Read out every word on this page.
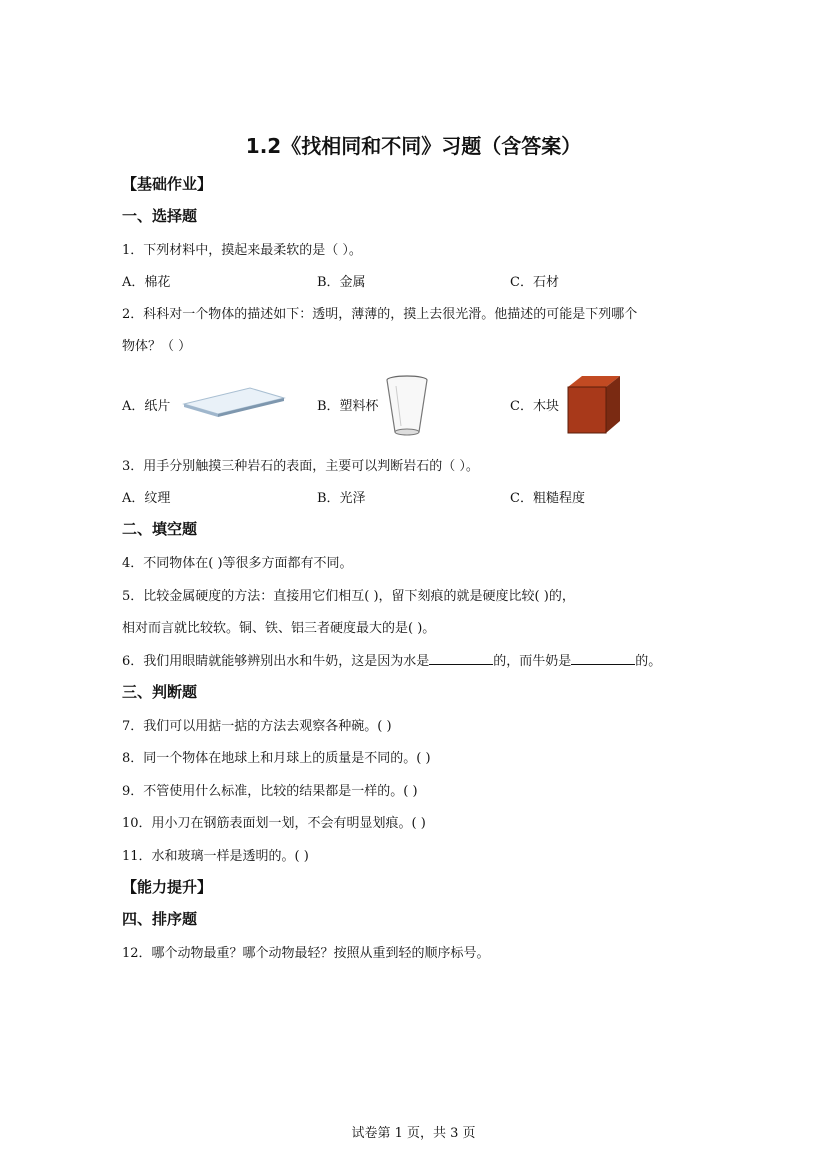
1.2《找相同和不同》习题（含答案）
【基础作业】
一、选择题
1．下列材料中，摸起来最柔软的是（ ）。
A．棉花	B．金属	C．石材
2．科科对一个物体的描述如下：透明，薄薄的，摸上去很光滑。他描述的可能是下列哪个
物体？（ ）
A．纸片	B．塑料杯	C．木块
3．用手分别触摸三种岩石的表面，主要可以判断岩石的（ ）。
A．纹理	B．光泽	C．粗糙程度
二、填空题
4．不同物体在( )等很多方面都有不同。
5．比较金属硬度的方法：直接用它们相互( )，留下刻痕的就是硬度比较( )的，
相对而言就比较软。铜、铁、铝三者硬度最大的是( )。
6．我们用眼睛就能够辨别出水和牛奶，这是因为水是	的，而牛奶是	的。
三、判断题
7．我们可以用掂一掂的方法去观察各种碗。( )
8．同一个物体在地球上和月球上的质量是不同的。( )
9．不管使用什么标准，比较的结果都是一样的。( )
10．用小刀在钢筋表面划一划，不会有明显划痕。( )
11．水和玻璃一样是透明的。( )
【能力提升】
四、排序题
12．哪个动物最重？哪个动物最轻？按照从重到轻的顺序标号。
试卷第 1 页，共 3 页
